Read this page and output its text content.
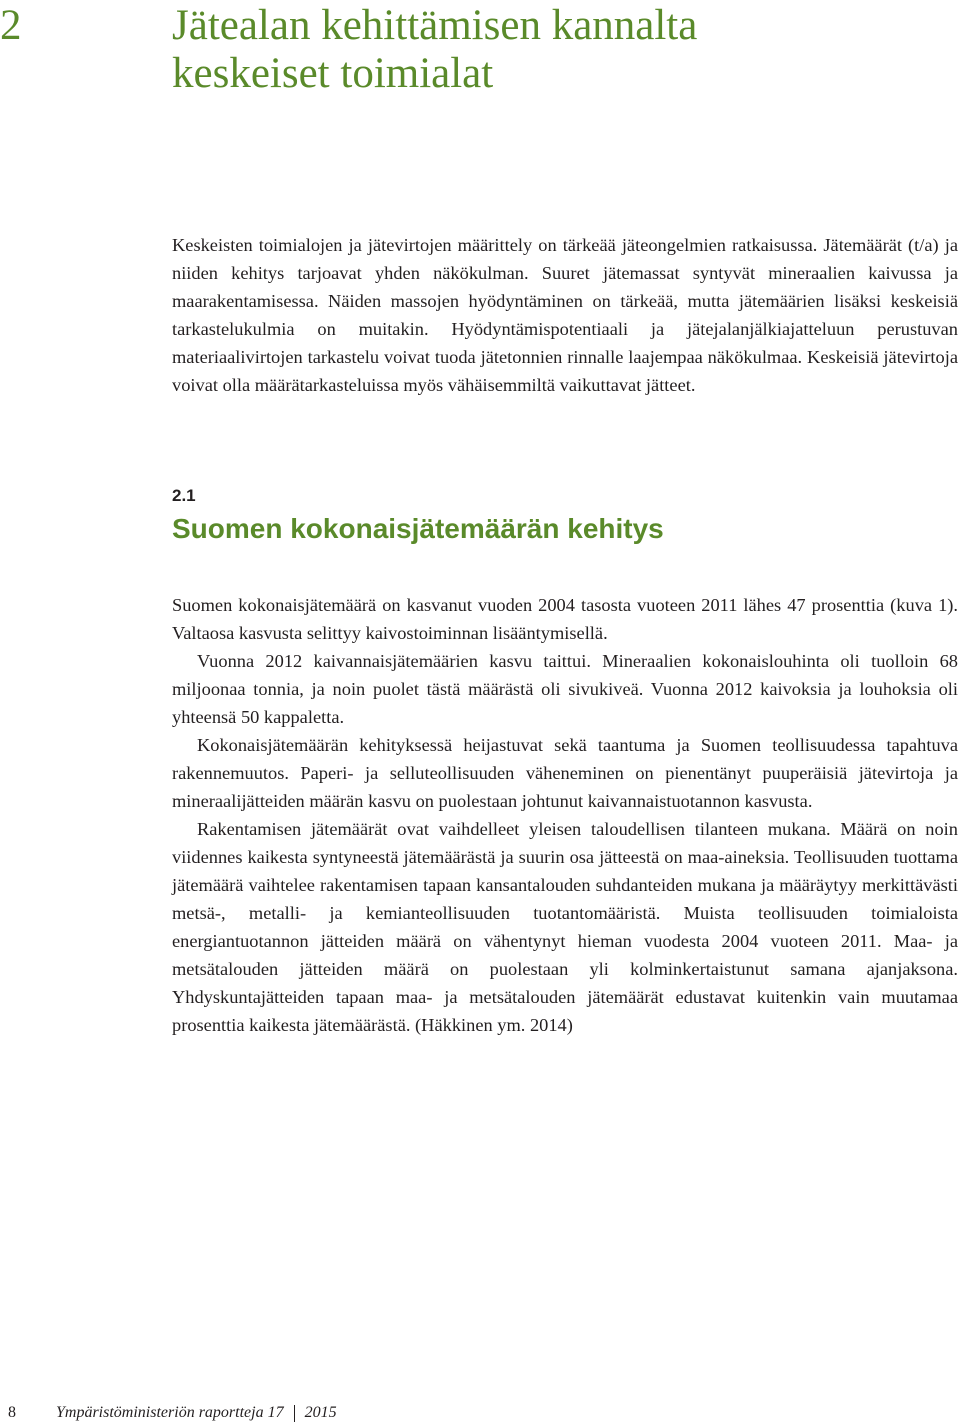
2	Jätealan kehittämisen kannalta
keskeiset toimialat

Keskeisten toimialojen ja jätevirtojen määrittely on tärkeää jäteongelmien ratkaisussa. Jätemäärät (t/a) ja niiden kehitys tarjoavat yhden näkökulman. Suuret jätemassat syntyvät mineraalien kaivussa ja maarakentamisessa. Näiden massojen hyödyntäminen on tärkeää, mutta jätemäärien lisäksi keskeisiä tarkastelukulmia on muitakin. Hyödyntämispotentiaali ja jätejalanjälkiajatteluun perustuvan materiaalivirtojen tarkastelu voivat tuoda jätetonnien rinnalle laajempaa näkökulmaa. Keskeisiä jätevirtoja voivat olla määrätarkasteluissa myös vähäisemmiltä vaikuttavat jätteet.

2.1
Suomen kokonaisjätemäärän kehitys

Suomen kokonaisjätemäärä on kasvanut vuoden 2004 tasosta vuoteen 2011 lähes 47 prosenttia (kuva 1). Valtaosa kasvusta selittyy kaivostoiminnan lisääntymisellä.

Vuonna 2012 kaivannaisjätemäärien kasvu taittui. Mineraalien kokonaislouhinta oli tuolloin 68 miljoonaa tonnia, ja noin puolet tästä määrästä oli sivukiveä. Vuonna 2012 kaivoksia ja louhoksia oli yhteensä 50 kappaletta.

Kokonaisjätemäärän kehityksessä heijastuvat sekä taantuma ja Suomen teollisuudessa tapahtuva rakennemuutos. Paperi- ja selluteollisuuden väheneminen on pienentänyt puuperäisiä jätevirtoja ja mineraalijätteiden määrän kasvu on puolestaan johtunut kaivannaistuotannon kasvusta.

Rakentamisen jätemäärät ovat vaihdelleet yleisen taloudellisen tilanteen mukana. Määrä on noin viidennes kaikesta syntyneestä jätemäärästä ja suurin osa jätteestä on maa-aineksia. Teollisuuden tuottama jätemäärä vaihtelee rakentamisen tapaan kansantalouden suhdanteiden mukana ja määräytyy merkittävästi metsä-, metalli- ja kemianteollisuuden tuotantomääristä. Muista teollisuuden toimialoista energiantuotannon jätteiden määrä on vähentynyt hieman vuodesta 2004 vuoteen 2011. Maa- ja metsätalouden jätteiden määrä on puolestaan yli kolminkertaistunut samana ajanjaksona. Yhdyskuntajätteiden tapaan maa- ja metsätalouden jätemäärät edustavat kuitenkin vain muutamaa prosenttia kaikesta jätemäärästä. (Häkkinen ym. 2014)

8	Ympäristöministeriön raportteja 17 2015
